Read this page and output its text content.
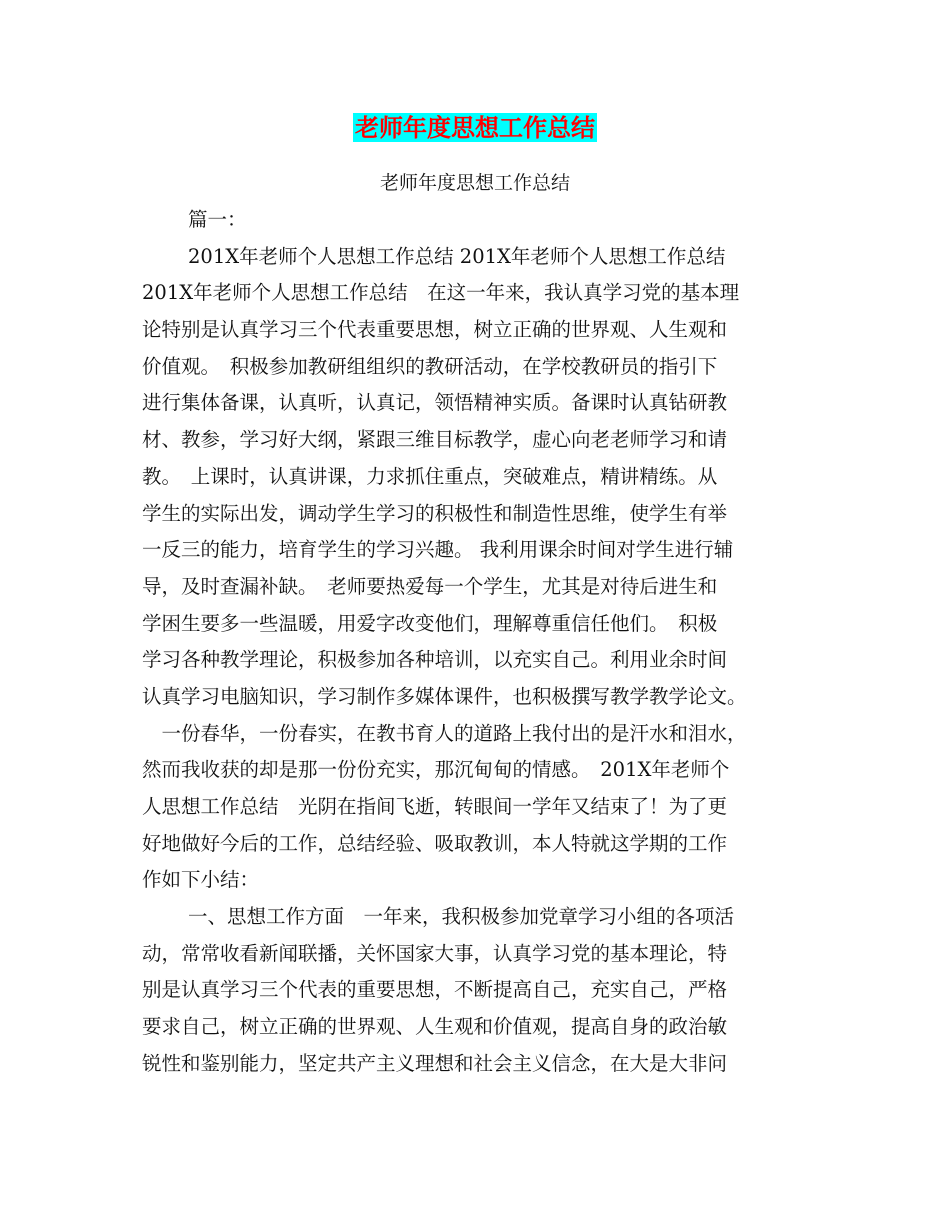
老师年度思想工作总结

老师年度思想工作总结

篇一：
201X年老师个人思想工作总结 201X年老师个人思想工作总结
201X年老师个人思想工作总结　在这一年来，我认真学习党的基本理
论特别是认真学习三个代表重要思想，树立正确的世界观、人生观和
价值观。　积极参加教研组组织的教研活动，在学校教研员的指引下
进行集体备课，认真听，认真记，领悟精神实质。备课时认真钻研教
材、教参，学习好大纲，紧跟三维目标教学，虚心向老老师学习和请
教。　上课时，认真讲课，力求抓住重点，突破难点，精讲精练。从
学生的实际出发，调动学生学习的积极性和制造性思维，使学生有举
一反三的能力，培育学生的学习兴趣。 我利用课余时间对学生进行辅
导，及时查漏补缺。　老师要热爱每一个学生，尤其是对待后进生和
学困生要多一些温暖，用爱字改变他们，理解尊重信任他们。　积极
学习各种教学理论，积极参加各种培训，以充实自己。利用业余时间
认真学习电脑知识，学习制作多媒体课件，也积极撰写教学教学论文。
　一份春华，一份春实，在教书育人的道路上我付出的是汗水和泪水，
然而我收获的却是那一份份充实，那沉甸甸的情感。　201X年老师个
人思想工作总结　光阴在指间飞逝，转眼间一学年又结束了！为了更
好地做好今后的工作，总结经验、吸取教训，本人特就这学期的工作
作如下小结：
一、思想工作方面　一年来，我积极参加党章学习小组的各项活
动，常常收看新闻联播，关怀国家大事，认真学习党的基本理论，特
别是认真学习三个代表的重要思想，不断提高自己，充实自己，严格
要求自己，树立正确的世界观、人生观和价值观，提高自身的政治敏
锐性和鉴别能力，坚定共产主义理想和社会主义信念，在大是大非问
